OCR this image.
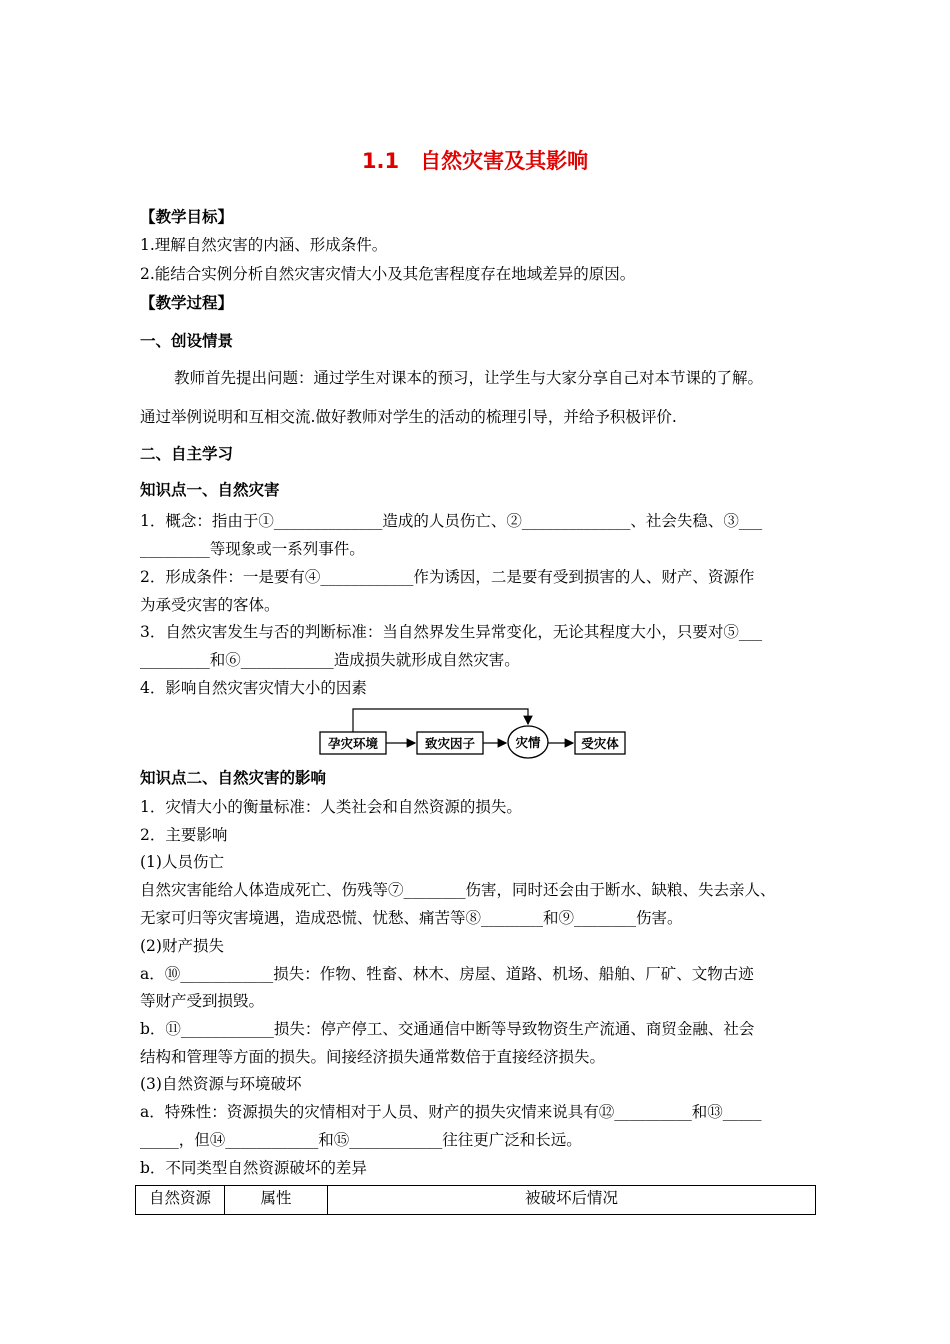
1.1　自然灾害及其影响
【教学目标】
1.理解自然灾害的内涵、形成条件。
2.能结合实例分析自然灾害灾情大小及其危害程度存在地域差异的原因。
【教学过程】
一、创设情景
教师首先提出问题：通过学生对课本的预习，让学生与大家分享自己对本节课的了解。
通过举例说明和互相交流.做好教师对学生的活动的梳理引导，并给予积极评价.
二、自主学习
知识点一、自然灾害
1．概念：指由于①______________造成的人员伤亡、②______________、社会失稳、③___
_________等现象或一系列事件。
2．形成条件：一是要有④____________作为诱因，二是要有受到损害的人、财产、资源作
为承受灾害的客体。
3．自然灾害发生与否的判断标准：当自然界发生异常变化，无论其程度大小，只要对⑤___
_________和⑥____________造成损失就形成自然灾害。
4．影响自然灾害灾情大小的因素
孕灾环境	致灾因子	灾情	受灾体
知识点二、自然灾害的影响
1．灾情大小的衡量标准：人类社会和自然资源的损失。
2．主要影响
(1)人员伤亡
自然灾害能给人体造成死亡、伤残等⑦________伤害，同时还会由于断水、缺粮、失去亲人、
无家可归等灾害境遇，造成恐慌、忧愁、痛苦等⑧________和⑨________伤害。
(2)财产损失
a．⑩____________损失：作物、牲畜、林木、房屋、道路、机场、船舶、厂矿、文物古迹
等财产受到损毁。
b．⑪____________损失：停产停工、交通通信中断等导致物资生产流通、商贸金融、社会
结构和管理等方面的损失。间接经济损失通常数倍于直接经济损失。
(3)自然资源与环境破坏
a．特殊性：资源损失的灾情相对于人员、财产的损失灾情来说具有⑫__________和⑬_____
_____，但⑭____________和⑮____________往往更广泛和长远。
b．不同类型自然资源破坏的差异
自然资源	属性	被破坏后情况
